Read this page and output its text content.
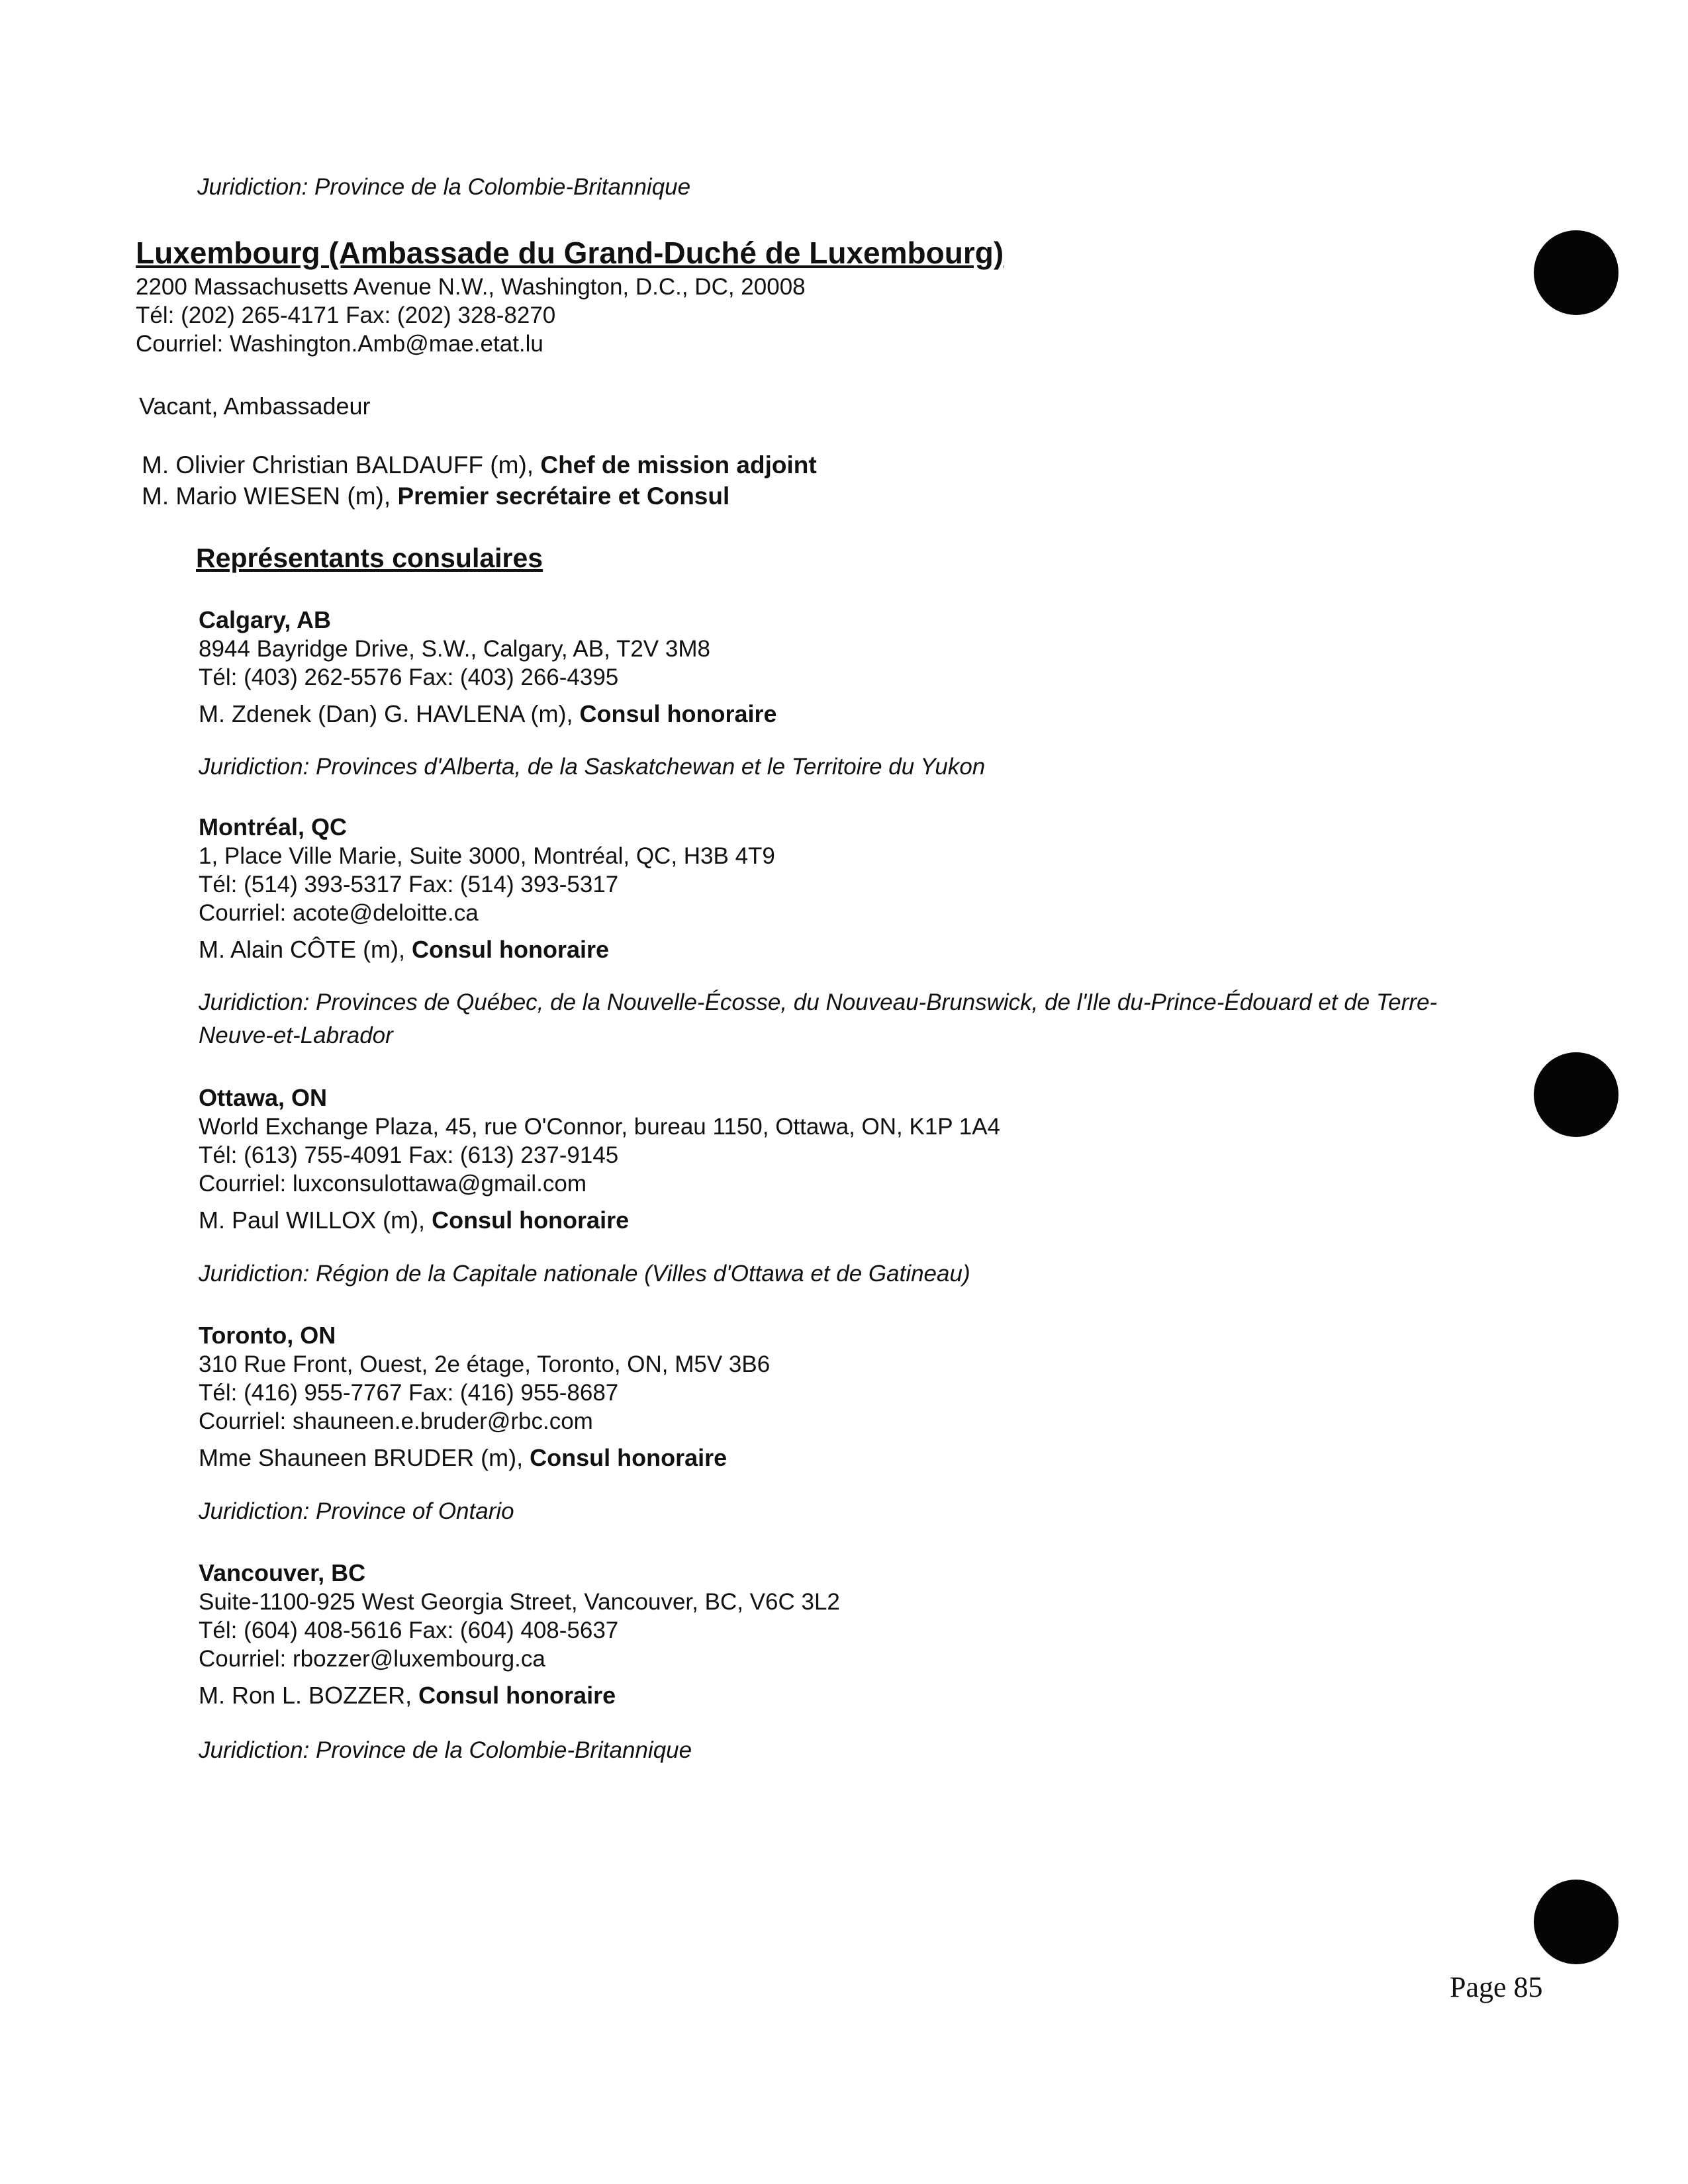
Juridiction: Province de la Colombie-Britannique
Luxembourg (Ambassade du Grand-Duché de Luxembourg)
2200 Massachusetts Avenue N.W., Washington, D.C., DC, 20008
Tél: (202) 265-4171 Fax: (202) 328-8270
Courriel: Washington.Amb@mae.etat.lu
Vacant, Ambassadeur
M. Olivier Christian BALDAUFF (m), Chef de mission adjoint
M. Mario WIESEN (m), Premier secrétaire et Consul
Représentants consulaires
Calgary, AB
8944 Bayridge Drive, S.W., Calgary, AB, T2V 3M8
Tél: (403) 262-5576 Fax: (403) 266-4395
M. Zdenek (Dan) G. HAVLENA (m), Consul honoraire
Juridiction: Provinces d'Alberta, de la Saskatchewan et le Territoire du Yukon
Montréal, QC
1, Place Ville Marie, Suite 3000, Montréal, QC, H3B 4T9
Tél: (514) 393-5317 Fax: (514) 393-5317
Courriel: acote@deloitte.ca
M. Alain CÔTE (m), Consul honoraire
Juridiction: Provinces de Québec, de la Nouvelle-Écosse, du Nouveau-Brunswick, de l'Ile du-Prince-Édouard et de Terre-Neuve-et-Labrador
Ottawa, ON
World Exchange Plaza, 45, rue O'Connor, bureau 1150, Ottawa, ON, K1P 1A4
Tél: (613) 755-4091 Fax: (613) 237-9145
Courriel: luxconsulottawa@gmail.com
M. Paul WILLOX (m), Consul honoraire
Juridiction: Région de la Capitale nationale (Villes d'Ottawa et de Gatineau)
Toronto, ON
310 Rue Front, Ouest, 2e étage, Toronto, ON, M5V 3B6
Tél: (416) 955-7767 Fax: (416) 955-8687
Courriel: shauneen.e.bruder@rbc.com
Mme Shauneen BRUDER (m), Consul honoraire
Juridiction: Province of Ontario
Vancouver, BC
Suite-1100-925 West Georgia Street, Vancouver, BC, V6C 3L2
Tél: (604) 408-5616 Fax: (604) 408-5637
Courriel: rbozzer@luxembourg.ca
M. Ron L. BOZZER, Consul honoraire
Juridiction: Province de la Colombie-Britannique
Page 85
